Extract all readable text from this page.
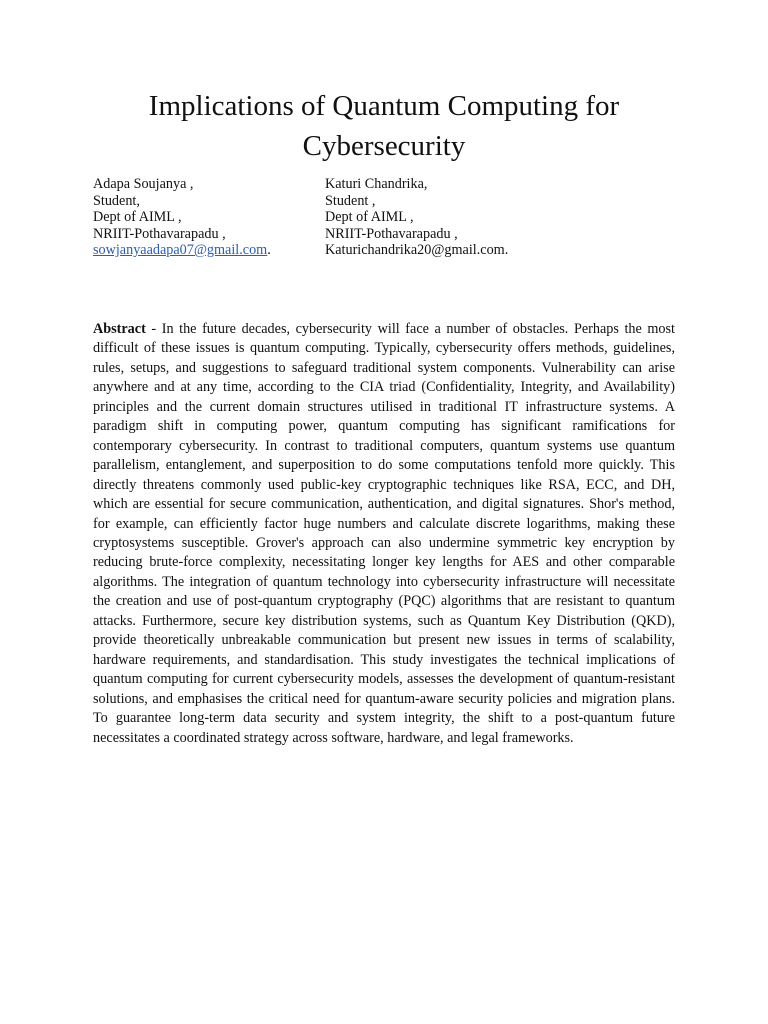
Implications of Quantum Computing for
Cybersecurity
Adapa Soujanya ,
Student,
Dept of AIML ,
NRIIT-Pothavarapadu ,
sowjanyaadapa07@gmail.com.
Katuri Chandrika,
Student ,
Dept of AIML ,
NRIIT-Pothavarapadu ,
Katurichandrika20@gmail.com.

Abstract - In the future decades, cybersecurity will face a number of obstacles. Perhaps the most difficult of these issues is quantum computing. Typically, cybersecurity offers methods, guidelines, rules, setups, and suggestions to safeguard traditional system components. Vulnerability can arise anywhere and at any time, according to the CIA triad (Confidentiality, Integrity, and Availability) principles and the current domain structures utilised in traditional IT infrastructure systems. A paradigm shift in computing power, quantum computing has significant ramifications for contemporary cybersecurity. In contrast to traditional computers, quantum systems use quantum parallelism, entanglement, and superposition to do some computations tenfold more quickly. This directly threatens commonly used public-key cryptographic techniques like RSA, ECC, and DH, which are essential for secure communication, authentication, and digital signatures. Shor's method, for example, can efficiently factor huge numbers and calculate discrete logarithms, making these cryptosystems susceptible. Grover's approach can also undermine symmetric key encryption by reducing brute-force complexity, necessitating longer key lengths for AES and other comparable algorithms. The integration of quantum technology into cybersecurity infrastructure will necessitate the creation and use of post-quantum cryptography (PQC) algorithms that are resistant to quantum attacks. Furthermore, secure key distribution systems, such as Quantum Key Distribution (QKD), provide theoretically unbreakable communication but present new issues in terms of scalability, hardware requirements, and standardisation. This study investigates the technical implications of quantum computing for current cybersecurity models, assesses the development of quantum-resistant solutions, and emphasises the critical need for quantum-aware security policies and migration plans. To guarantee long-term data security and system integrity, the shift to a post-quantum future necessitates a coordinated strategy across software, hardware, and legal frameworks.
